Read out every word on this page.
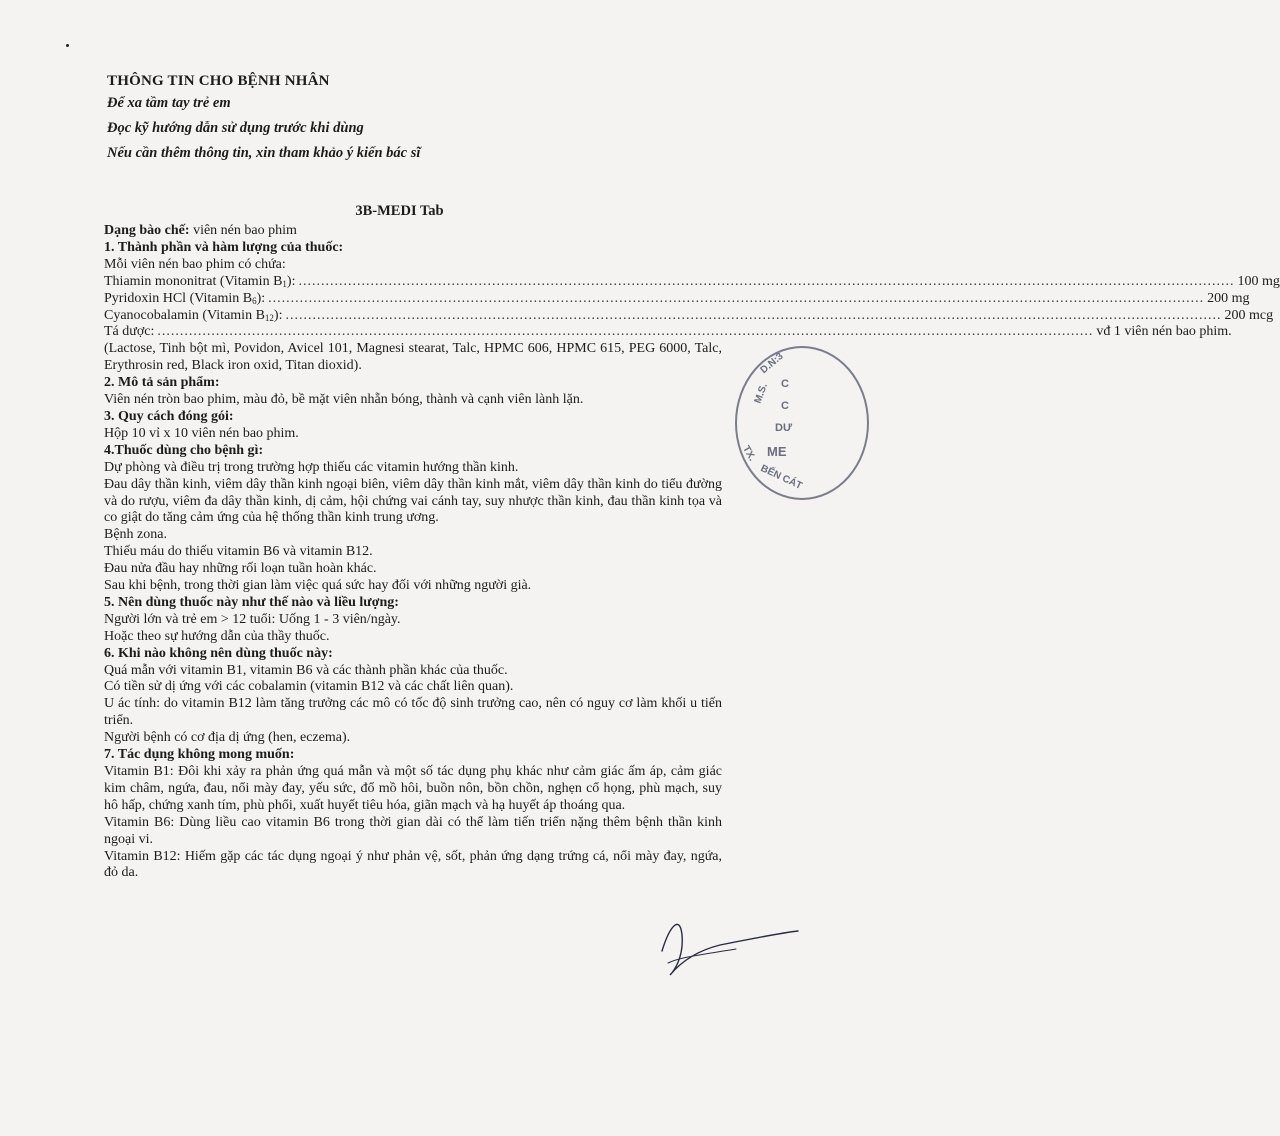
THÔNG TIN CHO BỆNH NHÂN
Để xa tầm tay trẻ em
Đọc kỹ hướng dẫn sử dụng trước khi dùng
Nếu cần thêm thông tin, xin tham khảo ý kiến bác sĩ
3B-MEDI Tab

Dạng bào chế: viên nén bao phim

1. Thành phần và hàm lượng của thuốc:

Mỗi viên nén bao phim có chứa:

Thiamin mononitrat (Vitamin $B_1$): .....	100 mg
Pyridoxin HCl (Vitamin $B_6$): .....	200 mg
Cyanocobalamin (Vitamin $B_{12}$): .....	200 mcg
Tá dược: .....	vđ 1 viên nén bao phim.

(Lactose, Tinh bột mì, Povidon, Avicel 101, Magnesi stearat, Talc, HPMC 606, HPMC 615, PEG 6000, Talc, Erythrosin red, Black iron oxid, Titan dioxid).

2. Mô tả sản phẩm:

Viên nén tròn bao phim, màu đỏ, bề mặt viên nhẵn bóng, thành và cạnh viên lành lặn.

3. Quy cách đóng gói:

Hộp 10 vỉ x 10 viên nén bao phim.

4.Thuốc dùng cho bệnh gì:

Dự phòng và điều trị trong trường hợp thiếu các vitamin hướng thần kinh.

Đau dây thần kinh, viêm dây thần kinh ngoại biên, viêm dây thần kinh mắt, viêm dây thần kinh do tiểu đường và do rượu, viêm đa dây thần kinh, dị cảm, hội chứng vai cánh tay, suy nhược thần kinh, đau thần kinh tọa và co giật do tăng cảm ứng của hệ thống thần kinh trung ương.

Bệnh zona.

Thiếu máu do thiếu vitamin B6 và vitamin B12.

Đau nửa đầu hay những rối loạn tuần hoàn khác.

Sau khi bệnh, trong thời gian làm việc quá sức hay đối với những người già.

5. Nên dùng thuốc này như thế nào và liều lượng:

Người lớn và trẻ em > 12 tuổi: Uống 1 - 3 viên/ngày.

Hoặc theo sự hướng dẫn của thầy thuốc.

6. Khi nào không nên dùng thuốc này:

Quá mẫn với vitamin B1, vitamin B6 và các thành phần khác của thuốc.

Có tiền sử dị ứng với các cobalamin (vitamin B12 và các chất liên quan).

U ác tính: do vitamin B12 làm tăng trưởng các mô có tốc độ sinh trưởng cao, nên có nguy cơ làm khối u tiến triển.

Người bệnh có cơ địa dị ứng (hen, eczema).

7. Tác dụng không mong muốn:

Vitamin B1: Đôi khi xảy ra phản ứng quá mẫn và một số tác dụng phụ khác như cảm giác ấm áp, cảm giác kim châm, ngứa, đau, nổi mày đay, yếu sức, đổ mồ hôi, buồn nôn, bồn chồn, nghẹn cổ họng, phù mạch, suy hô hấp, chứng xanh tím, phù phổi, xuất huyết tiêu hóa, giãn mạch và hạ huyết áp thoáng qua.

Vitamin B6: Dùng liều cao vitamin B6 trong thời gian dài có thể làm tiến triển nặng thêm bệnh thần kinh ngoại vi.

Vitamin B12: Hiếm gặp các tác dụng ngoại ý như phản vệ, sốt, phản ứng dạng trứng cá, nổi mày đay, ngứa, đỏ da.

M.S.
D.N:3
C
C
DƯ
ME
TX.
BẾN CÁT
